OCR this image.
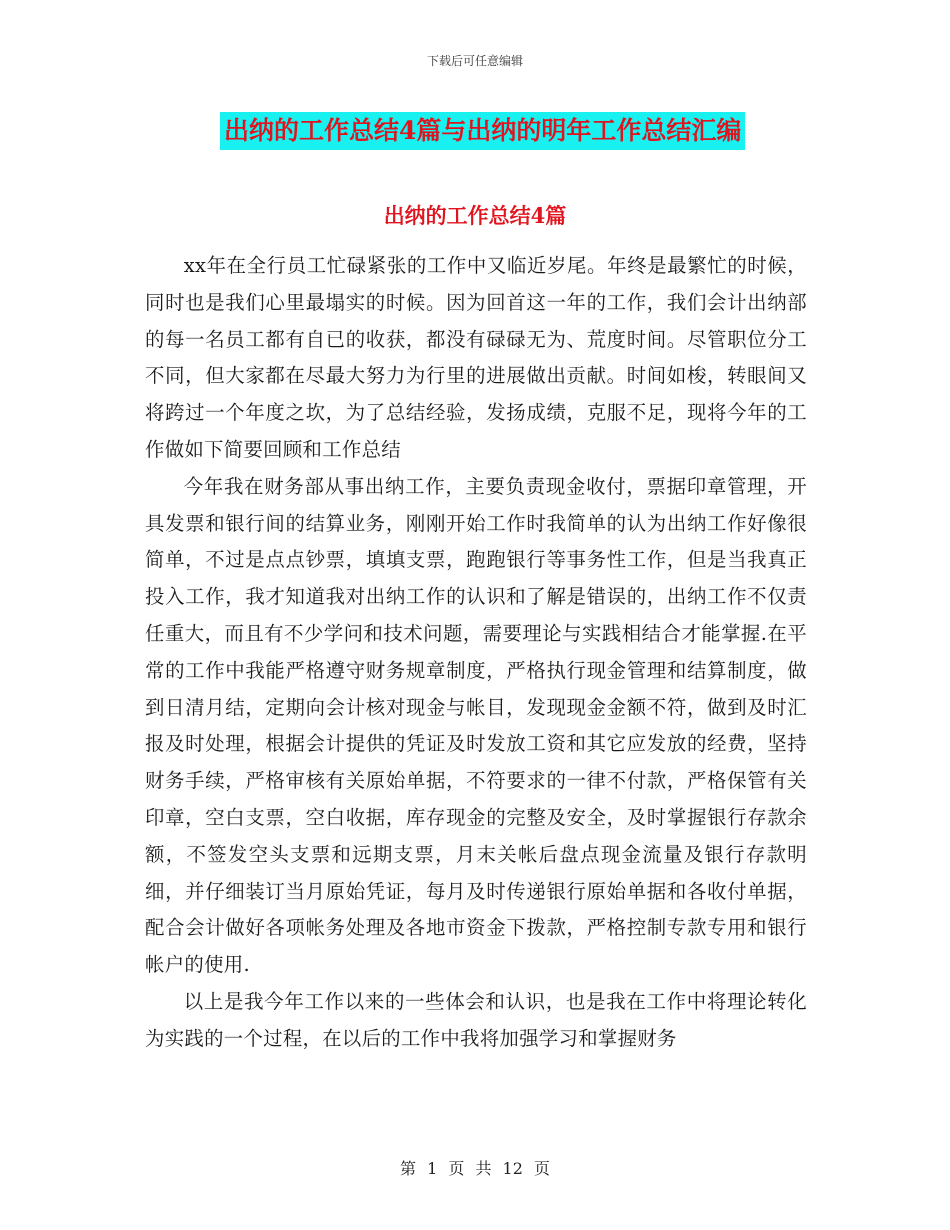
下载后可任意编辑
出纳的工作总结4篇与出纳的明年工作总结汇编
出纳的工作总结4篇

xx年在全行员工忙碌紧张的工作中又临近岁尾。年终是最繁忙的时候，同时也是我们心里最塌实的时候。因为回首这一年的工作，我们会计出纳部的每一名员工都有自已的收获，都没有碌碌无为、荒度时间。尽管职位分工不同，但大家都在尽最大努力为行里的进展做出贡献。时间如梭，转眼间又将跨过一个年度之坎，为了总结经验，发扬成绩，克服不足，现将今年的工作做如下简要回顾和工作总结

今年我在财务部从事出纳工作，主要负责现金收付，票据印章管理，开具发票和银行间的结算业务，刚刚开始工作时我简单的认为出纳工作好像很简单，不过是点点钞票，填填支票，跑跑银行等事务性工作，但是当我真正投入工作，我才知道我对出纳工作的认识和了解是错误的，出纳工作不仅责任重大，而且有不少学问和技术问题，需要理论与实践相结合才能掌握.在平常的工作中我能严格遵守财务规章制度，严格执行现金管理和结算制度，做到日清月结，定期向会计核对现金与帐目，发现现金金额不符，做到及时汇报及时处理，根据会计提供的凭证及时发放工资和其它应发放的经费，坚持财务手续，严格审核有关原始单据，不符要求的一律不付款，严格保管有关印章，空白支票，空白收据，库存现金的完整及安全，及时掌握银行存款余额，不签发空头支票和远期支票，月末关帐后盘点现金流量及银行存款明细，并仔细装订当月原始凭证，每月及时传递银行原始单据和各收付单据，配合会计做好各项帐务处理及各地市资金下拨款，严格控制专款专用和银行帐户的使用.

以上是我今年工作以来的一些体会和认识，也是我在工作中将理论转化为实践的一个过程，在以后的工作中我将加强学习和掌握财务

第 1 页 共 12 页
